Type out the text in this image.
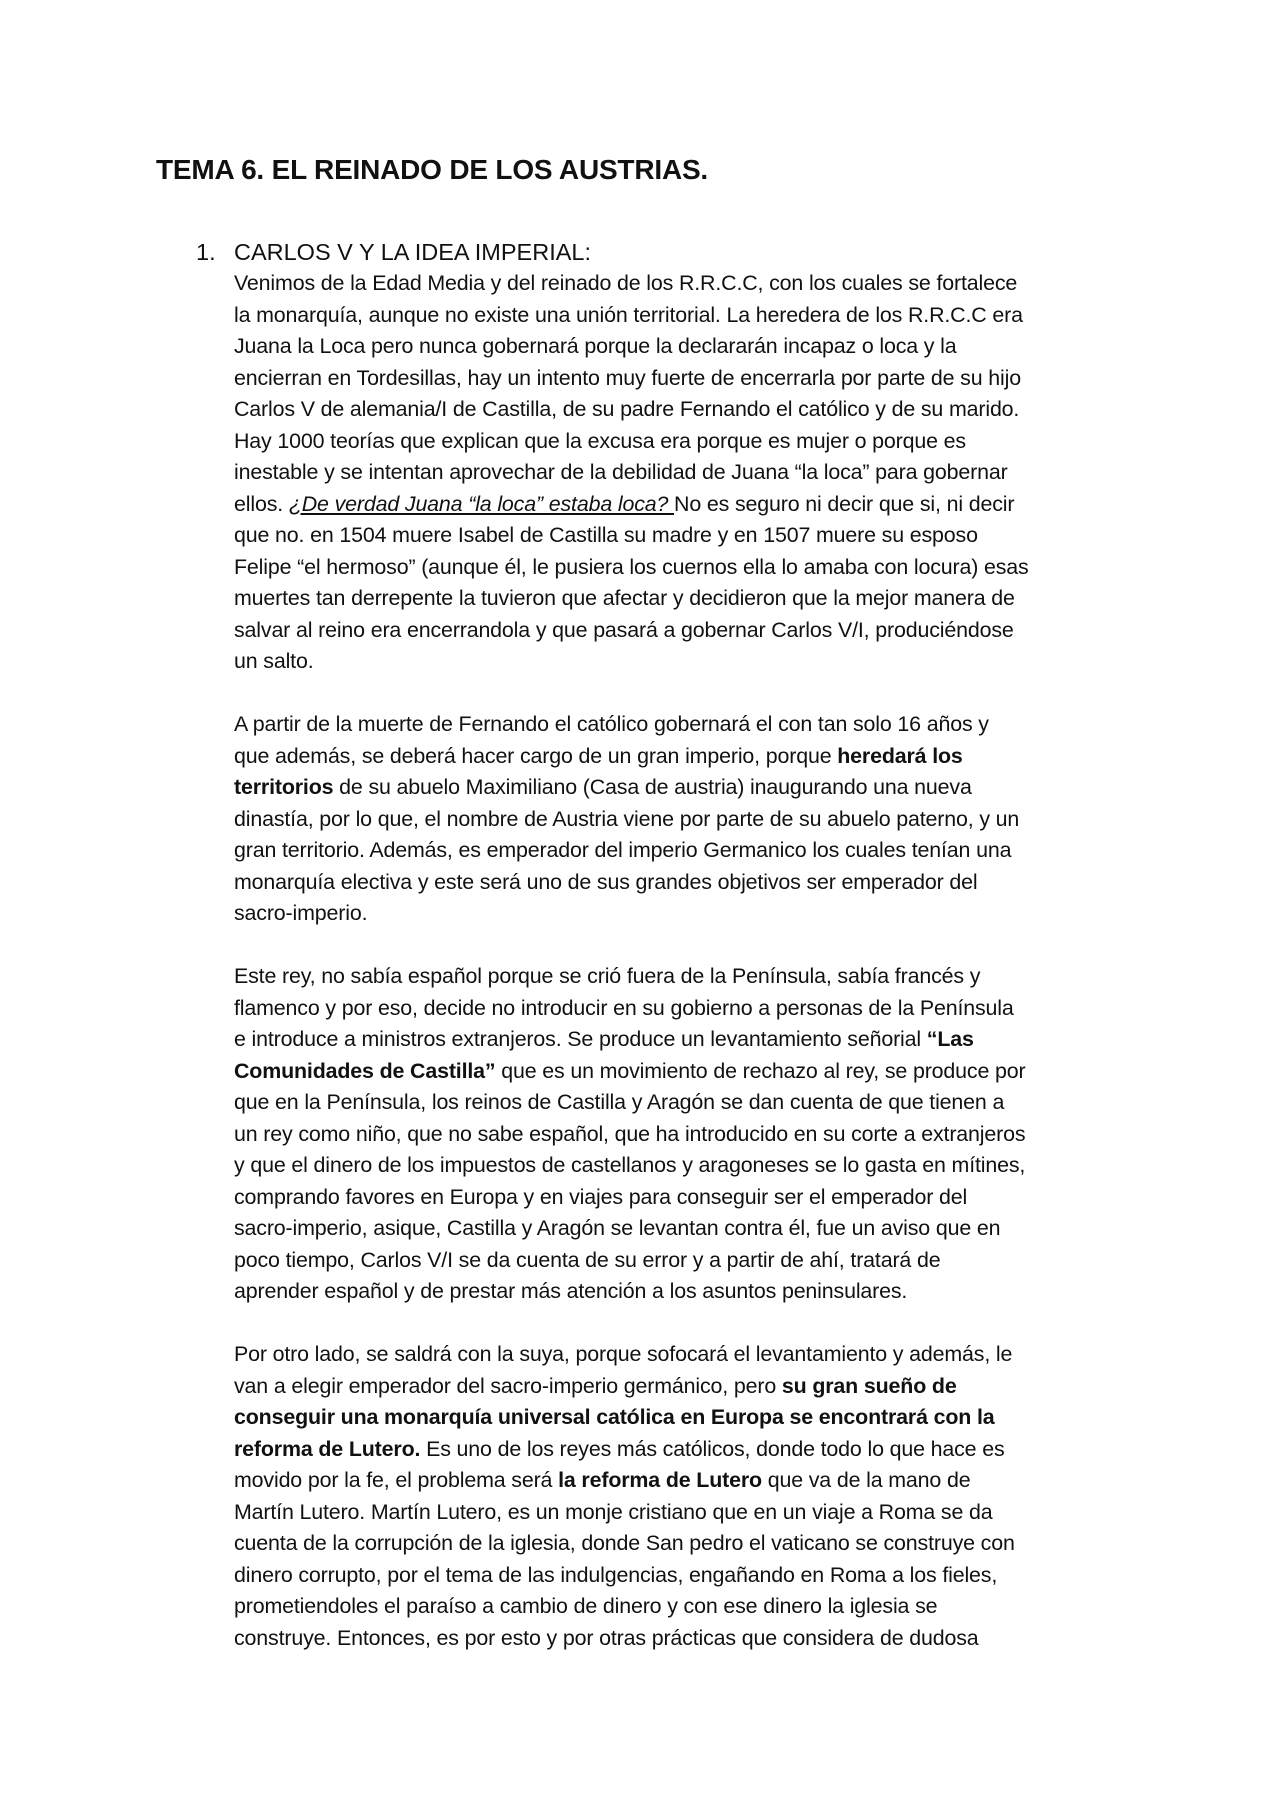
TEMA 6. EL REINADO DE LOS AUSTRIAS.
1. CARLOS V Y LA IDEA IMPERIAL:

Venimos de la Edad Media y del reinado de los R.R.C.C, con los cuales se fortalece
la monarquía, aunque no existe una unión territorial. La heredera de los R.R.C.C era
Juana la Loca pero nunca gobernará porque la declararán incapaz o loca y la
encierran en Tordesillas, hay un intento muy fuerte de encerrarla por parte de su hijo
Carlos V de alemania/I de Castilla, de su padre Fernando el católico y de su marido.
Hay 1000 teorías que explican que la excusa era porque es mujer o porque es
inestable y se intentan aprovechar de la debilidad de Juana “la loca” para gobernar
ellos. ¿De verdad Juana “la loca” estaba loca? No es seguro ni decir que si, ni decir
que no. en 1504 muere Isabel de Castilla su madre y en 1507 muere su esposo
Felipe “el hermoso” (aunque él, le pusiera los cuernos ella lo amaba con locura) esas
muertes tan derrepente la tuvieron que afectar y decidieron que la mejor manera de
salvar al reino era encerrandola y que pasará a gobernar Carlos V/I, produciéndose
un salto.

A partir de la muerte de Fernando el católico gobernará el con tan solo 16 años y
que además, se deberá hacer cargo de un gran imperio, porque heredará los
territorios de su abuelo Maximiliano (Casa de austria) inaugurando una nueva
dinastía, por lo que, el nombre de Austria viene por parte de su abuelo paterno, y un
gran territorio. Además, es emperador del imperio Germanico los cuales tenían una
monarquía electiva y este será uno de sus grandes objetivos ser emperador del
sacro-imperio.

Este rey, no sabía español porque se crió fuera de la Península, sabía francés y
flamenco y por eso, decide no introducir en su gobierno a personas de la Península
e introduce a ministros extranjeros. Se produce un levantamiento señorial “Las
Comunidades de Castilla” que es un movimiento de rechazo al rey, se produce por
que en la Península, los reinos de Castilla y Aragón se dan cuenta de que tienen a
un rey como niño, que no sabe español, que ha introducido en su corte a extranjeros
y que el dinero de los impuestos de castellanos y aragoneses se lo gasta en mítines,
comprando favores en Europa y en viajes para conseguir ser el emperador del
sacro-imperio, asique, Castilla y Aragón se levantan contra él, fue un aviso que en
poco tiempo, Carlos V/I se da cuenta de su error y a partir de ahí, tratará de
aprender español y de prestar más atención a los asuntos peninsulares.

Por otro lado, se saldrá con la suya, porque sofocará el levantamiento y además, le
van a elegir emperador del sacro-imperio germánico, pero su gran sueño de
conseguir una monarquía universal católica en Europa se encontrará con la
reforma de Lutero. Es uno de los reyes más católicos, donde todo lo que hace es
movido por la fe, el problema será la reforma de Lutero que va de la mano de
Martín Lutero. Martín Lutero, es un monje cristiano que en un viaje a Roma se da
cuenta de la corrupción de la iglesia, donde San pedro el vaticano se construye con
dinero corrupto, por el tema de las indulgencias, engañando en Roma a los fieles,
prometiendoles el paraíso a cambio de dinero y con ese dinero la iglesia se
construye. Entonces, es por esto y por otras prácticas que considera de dudosa
